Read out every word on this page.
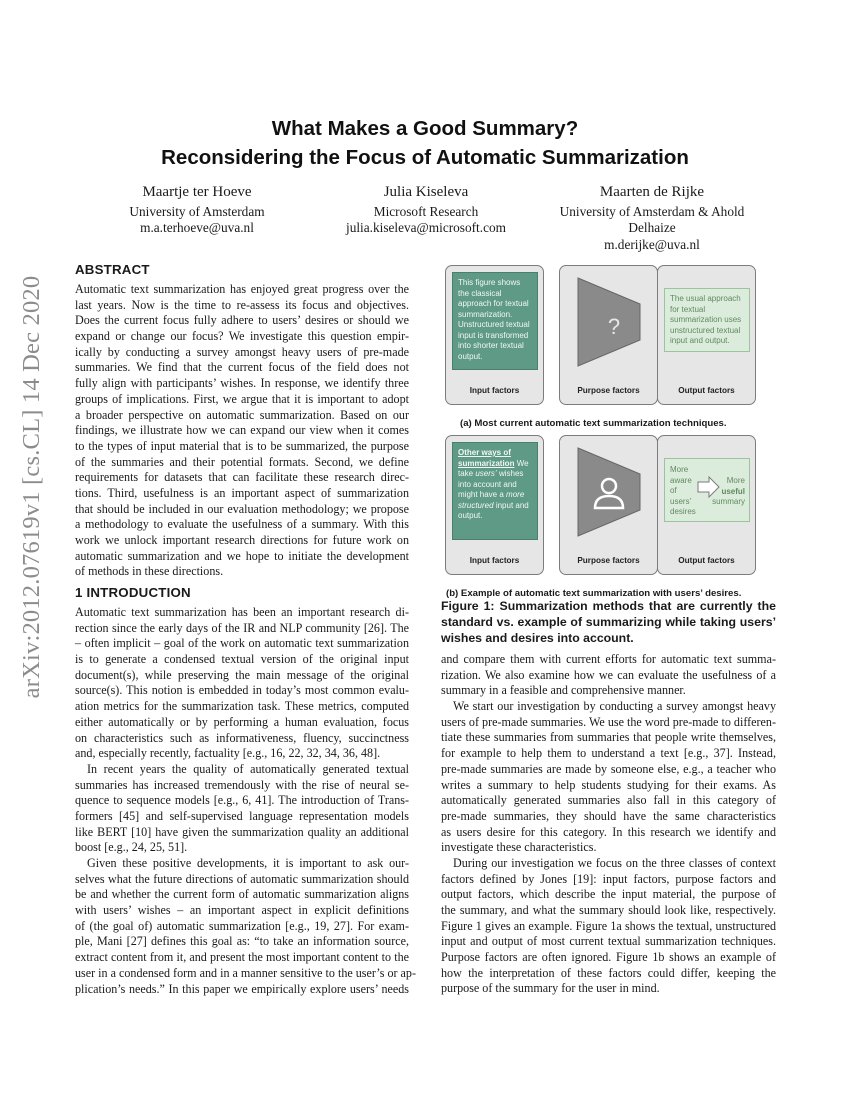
arXiv:2012.07619v1 [cs.CL] 14 Dec 2020
What Makes a Good Summary?
Reconsidering the Focus of Automatic Summarization
Maartje ter Hoeve
University of Amsterdam
m.a.terhoeve@uva.nl
Julia Kiseleva
Microsoft Research
julia.kiseleva@microsoft.com
Maarten de Rijke
University of Amsterdam & Ahold
Delhaize
m.derijke@uva.nl
ABSTRACT
Automatic text summarization has enjoyed great progress over the
last years. Now is the time to re-assess its focus and objectives.
Does the current focus fully adhere to users’ desires or should we
expand or change our focus? We investigate this question empir-
ically by conducting a survey amongst heavy users of pre-made
summaries. We find that the current focus of the field does not
fully align with participants’ wishes. In response, we identify three
groups of implications. First, we argue that it is important to adopt
a broader perspective on automatic summarization. Based on our
findings, we illustrate how we can expand our view when it comes
to the types of input material that is to be summarized, the purpose
of the summaries and their potential formats. Second, we define
requirements for datasets that can facilitate these research direc-
tions. Third, usefulness is an important aspect of summarization
that should be included in our evaluation methodology; we propose
a methodology to evaluate the usefulness of a summary. With this
work we unlock important research directions for future work on
automatic summarization and we hope to initiate the development
of methods in these directions.
1 INTRODUCTION
Automatic text summarization has been an important research di-
rection since the early days of the IR and NLP community [26]. The
– often implicit – goal of the work on automatic text summarization
is to generate a condensed textual version of the original input
document(s), while preserving the main message of the original
source(s). This notion is embedded in today’s most common evalu-
ation metrics for the summarization task. These metrics, computed
either automatically or by performing a human evaluation, focus
on characteristics such as informativeness, fluency, succinctness
and, especially recently, factuality [e.g., 16, 22, 32, 34, 36, 48].
In recent years the quality of automatically generated textual
summaries has increased tremendously with the rise of neural se-
quence to sequence models [e.g., 6, 41]. The introduction of Trans-
formers [45] and self-supervised language representation models
like BERT [10] have given the summarization quality an additional
boost [e.g., 24, 25, 51].
Given these positive developments, it is important to ask our-
selves what the future directions of automatic summarization should
be and whether the current form of automatic summarization aligns
with users’ wishes – an important aspect in explicit definitions
of (the goal of) automatic summarization [e.g., 19, 27]. For exam-
ple, Mani [27] defines this goal as: “to take an information source,
extract content from it, and present the most important content to the
user in a condensed form and in a manner sensitive to the user’s or ap-
plication’s needs.” In this paper we empirically explore users’ needs
This figure shows the classical approach for textual summarization. Unstructured textual input is transformed into shorter textual output.
Input factors
?
Purpose factors
The usual approach for textual summarization uses unstructured textual input and output.
Output factors
(a) Most current automatic text summarization techniques.
Other ways of summarization We take users’ wishes into account and might have a more structured input and output.
Input factors	Purpose factors
More
aware
of
users’
desires
More
useful
summary
Output factors
(b) Example of automatic text summarization with users’ desires.
Figure 1: Summarization methods that are currently the
standard vs. example of summarizing while taking users’
wishes and desires into account.
and compare them with current efforts for automatic text summa-
rization. We also examine how we can evaluate the usefulness of a
summary in a feasible and comprehensive manner.
We start our investigation by conducting a survey amongst heavy
users of pre-made summaries. We use the word pre-made to differen-
tiate these summaries from summaries that people write themselves,
for example to help them to understand a text [e.g., 37]. Instead,
pre-made summaries are made by someone else, e.g., a teacher who
writes a summary to help students studying for their exams. As
automatically generated summaries also fall in this category of
pre-made summaries, they should have the same characteristics
as users desire for this category. In this research we identify and
investigate these characteristics.
During our investigation we focus on the three classes of context
factors defined by Jones [19]: input factors, purpose factors and
output factors, which describe the input material, the purpose of
the summary, and what the summary should look like, respectively.
Figure 1 gives an example. Figure 1a shows the textual, unstructured
input and output of most current textual summarization techniques.
Purpose factors are often ignored. Figure 1b shows an example of
how the interpretation of these factors could differ, keeping the
purpose of the summary for the user in mind.
